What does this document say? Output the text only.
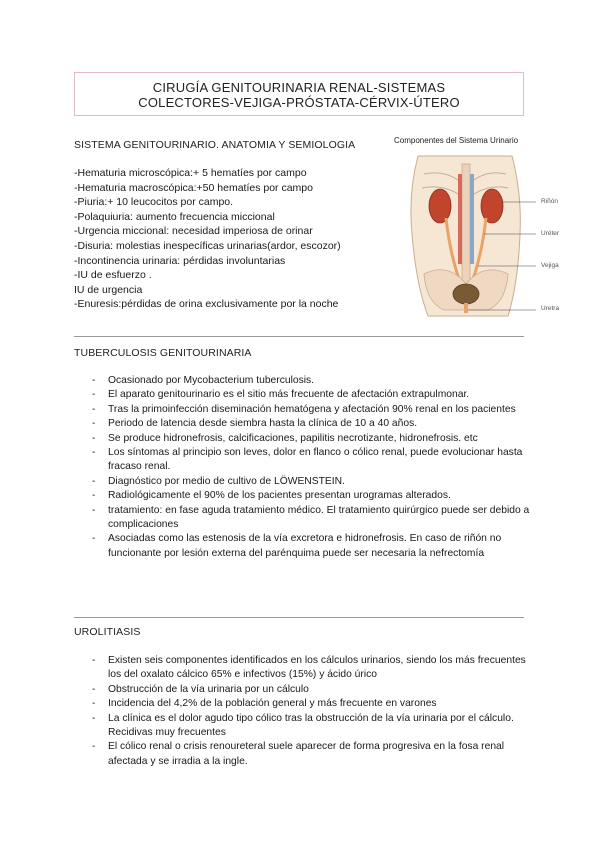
CIRUGÍA GENITOURINARIA RENAL-SISTEMAS
COLECTORES-VEJIGA-PRÓSTATA-CÉRVIX-ÚTERO
SISTEMA GENITOURINARIO. ANATOMIA Y SEMIOLOGIA
-Hematuria microscópica:+ 5 hematíes por campo
-Hematuria macroscópica:+50 hematíes por campo
-Piuria:+ 10 leucocitos por campo.
-Polaquiuria: aumento frecuencia miccional
-Urgencia miccional: necesidad imperiosa de orinar
-Disuria: molestias inespecíficas urinarias(ardor, escozor)
-Incontinencia urinaria: pérdidas involuntarias
-IU de esfuerzo .
IU de urgencia
-Enuresis:pérdidas de orina exclusivamente por la noche
Componentes del Sistema Urinario
Riñón
Uréter
Vejiga
Uretra
TUBERCULOSIS GENITOURINARIA
- Ocasionado por Mycobacterium tuberculosis.
- El aparato genitourinario es el sitio más frecuente de afectación extrapulmonar.
- Tras la primoinfección diseminación hematógena y afectación 90% renal en los pacientes
- Periodo de latencia desde siembra hasta la clínica de 10 a 40 años.
- Se produce hidronefrosis, calcificaciones, papilitis necrotizante, hidronefrosis. etc
- Los síntomas al principio son leves, dolor en flanco o cólico renal, puede evolucionar hasta fracaso renal.
- Diagnóstico por medio de cultivo de LÖWENSTEIN.
- Radiológicamente el 90% de los pacientes presentan urogramas alterados.
- tratamiento: en fase aguda tratamiento médico. El tratamiento quirúrgico puede ser debido a complicaciones
- Asociadas como las estenosis de la vía excretora e hidronefrosis. En caso de riñón no funcionante por lesión externa del parénquima puede ser necesaria la nefrectomía
UROLITIASIS
- Existen seis componentes identificados en los cálculos urinarios, siendo los más frecuentes los del oxalato cálcico 65% e infectivos (15%) y ácido úrico
- Obstrucción de la vía urinaria por un cálculo
- Incidencia del 4,2% de la población general y más frecuente en varones
- La clínica es el dolor agudo tipo cólico tras la obstrucción de la vía urinaria por el cálculo. Recidivas muy frecuentes
- El cólico renal o crisis renoureteral suele aparecer de forma progresiva en la fosa renal afectada y se irradia a la ingle.
